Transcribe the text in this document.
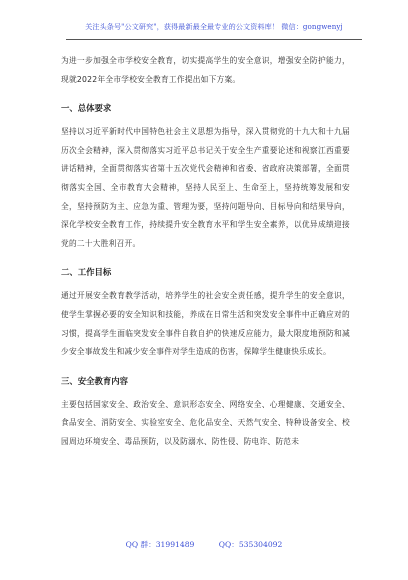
关注头条号"公文研究"，获得最新最全最专业的公文资料库！ 微信：gongwenyj

为进一步加强全市学校安全教育，切实提高学生的安全意识，增强安全防护能力，现就2022年全市学校安全教育工作提出如下方案。

一、总体要求

坚持以习近平新时代中国特色社会主义思想为指导，深入贯彻党的十九大和十九届历次全会精神，深入贯彻落实习近平总书记关于安全生产重要论述和视察江西重要讲话精神，全面贯彻落实省第十五次党代会精神和省委、省政府决策部署，全面贯彻落实全国、全市教育大会精神，坚持人民至上、生命至上，坚持统筹发展和安全，坚持预防为主、应急为重、管理为要，坚持问题导向、目标导向和结果导向，深化学校安全教育工作，持续提升安全教育水平和学生安全素养，以优异成绩迎接党的二十大胜利召开。

二、工作目标

通过开展安全教育教学活动，培养学生的社会安全责任感，提升学生的安全意识，使学生掌握必要的安全知识和技能，养成在日常生活和突发安全事件中正确应对的习惯，提高学生面临突发安全事件自救自护的快速反应能力，最大限度地预防和减少安全事故发生和减少安全事件对学生造成的伤害，保障学生健康快乐成长。

三、安全教育内容

主要包括国家安全、政治安全、意识形态安全、网络安全、心理健康、交通安全、食品安全、消防安全、实验室安全、危化品安全、天然气安全、特种设备安全、校园周边环境安全、毒品预防，以及防溺水、防性侵、防电诈、防范未

QQ 群：31991489	QQ：535304092
